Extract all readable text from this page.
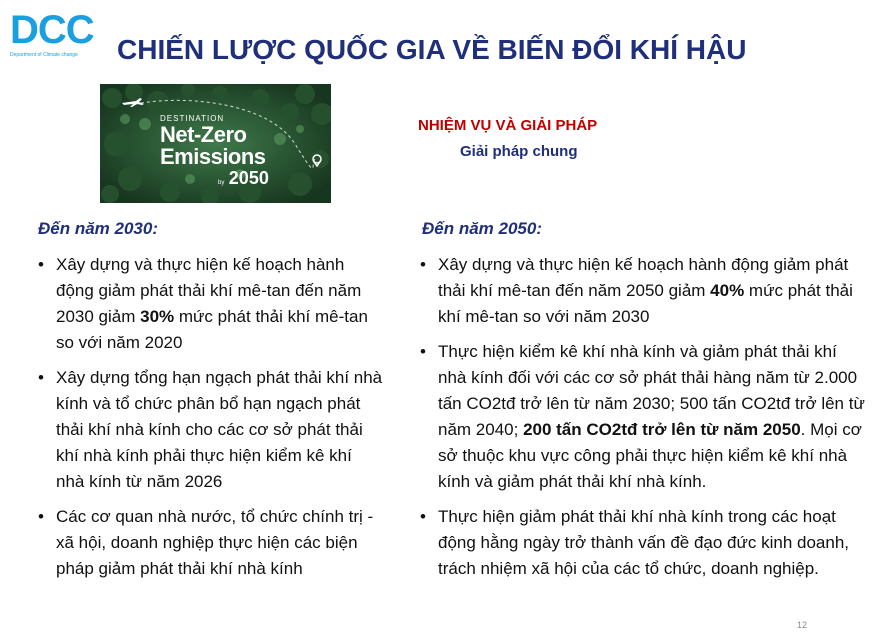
DCC
Department of Climate change CHIẾN LƯỢC QUỐC GIA VỀ BIẾN ĐỔI KHÍ HẬU
DESTINATION
Net-Zero
Emissions
by 2050
NHIỆM VỤ VÀ GIẢI PHÁP
Giải pháp chung
Đến năm 2030:
• Xây dựng và thực hiện kế hoạch hành động giảm phát thải khí mê-tan đến năm 2030 giảm 30% mức phát thải khí mê-tan so với năm 2020
• Xây dựng tổng hạn ngạch phát thải khí nhà kính và tổ chức phân bổ hạn ngạch phát thải khí nhà kính cho các cơ sở phát thải khí nhà kính phải thực hiện kiểm kê khí nhà kính từ năm 2026
• Các cơ quan nhà nước, tổ chức chính trị - xã hội, doanh nghiệp thực hiện các biện pháp giảm phát thải khí nhà kính
Đến năm 2050:
• Xây dựng và thực hiện kế hoạch hành động giảm phát thải khí mê-tan đến năm 2050 giảm 40% mức phát thải khí mê-tan so với năm 2030
• Thực hiện kiểm kê khí nhà kính và giảm phát thải khí nhà kính đối với các cơ sở phát thải hàng năm từ 2.000 tấn CO2tđ trở lên từ năm 2030; 500 tấn CO2tđ trở lên từ năm 2040; 200 tấn CO2tđ trở lên từ năm 2050. Mọi cơ sở thuộc khu vực công phải thực hiện kiểm kê khí nhà kính và giảm phát thải khí nhà kính.
• Thực hiện giảm phát thải khí nhà kính trong các hoạt động hằng ngày trở thành vấn đề đạo đức kinh doanh, trách nhiệm xã hội của các tổ chức, doanh nghiệp.
12
